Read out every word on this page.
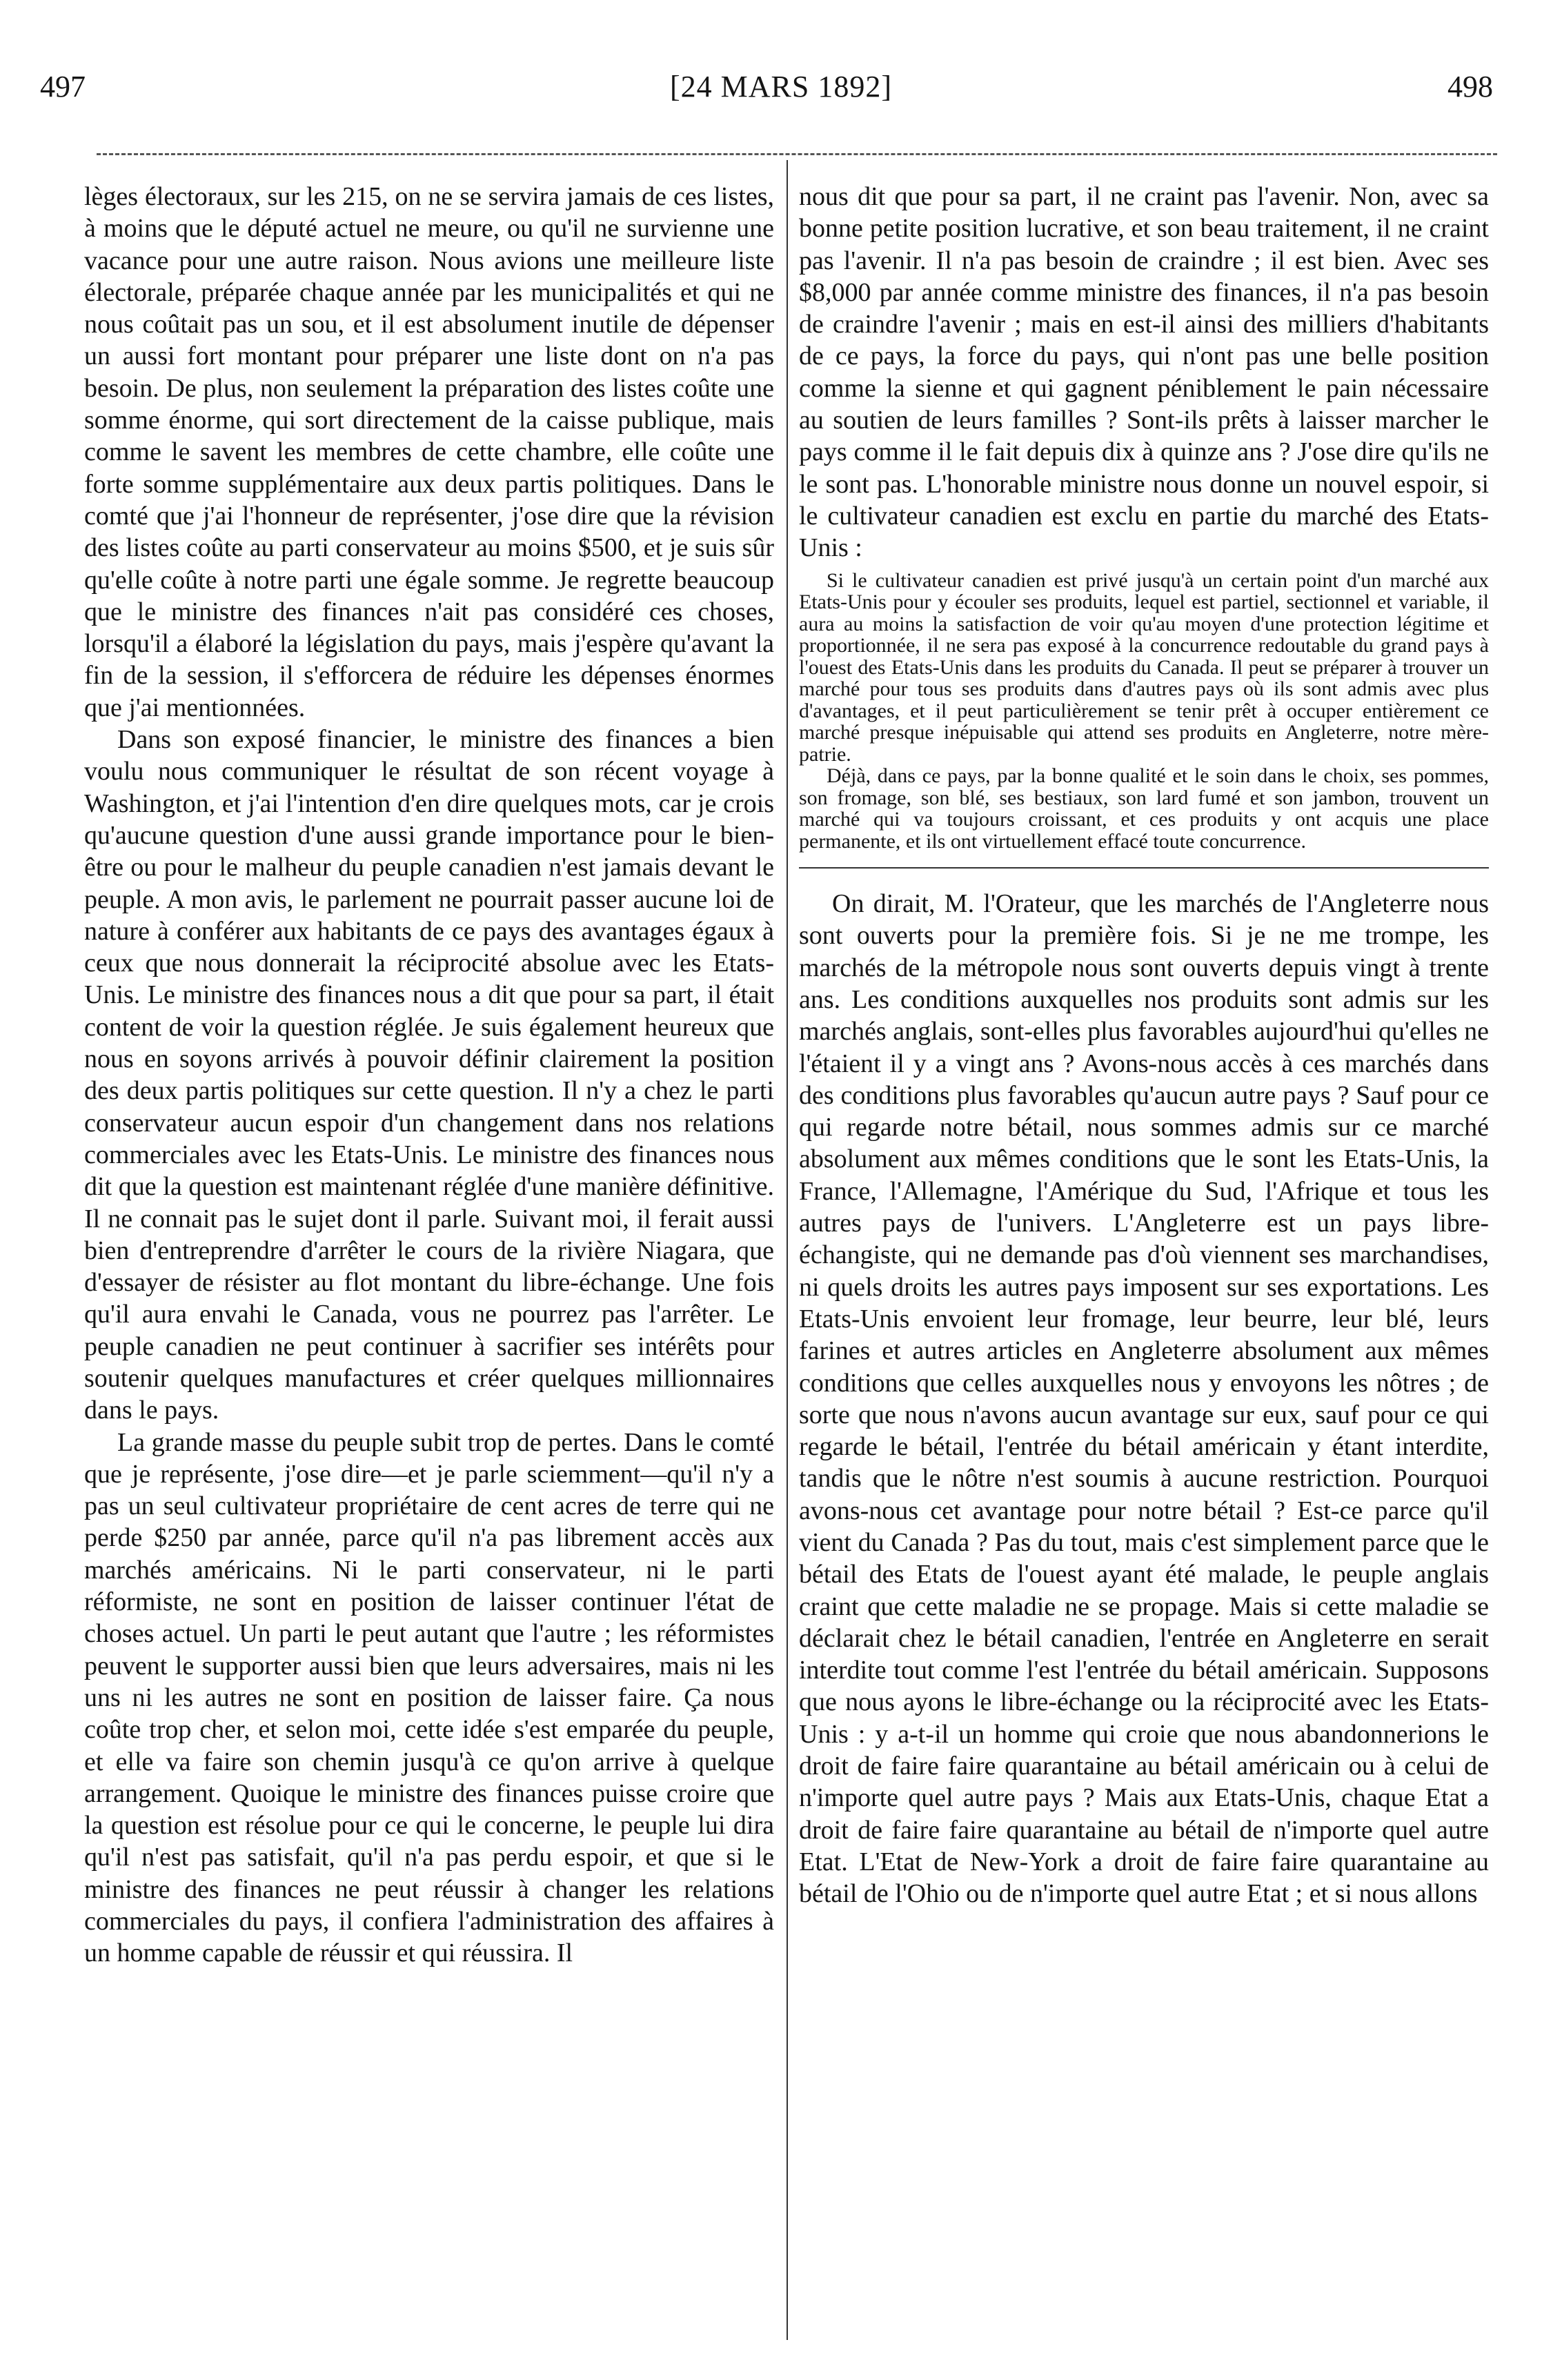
497	[24 MARS 1892]	498

lèges électoraux, sur les 215, on ne se servira jamais de ces listes, à moins que le député actuel ne meure, ou qu'il ne survienne une vacance pour une autre raison. Nous avions une meilleure liste électorale, préparée chaque année par les municipalités et qui ne nous coûtait pas un sou, et il est absolument inutile de dépenser un aussi fort montant pour préparer une liste dont on n'a pas besoin. De plus, non seulement la préparation des listes coûte une somme énorme, qui sort directement de la caisse publique, mais comme le savent les membres de cette chambre, elle coûte une forte somme supplémentaire aux deux partis politiques. Dans le comté que j'ai l'honneur de représenter, j'ose dire que la révision des listes coûte au parti conservateur au moins $500, et je suis sûr qu'elle coûte à notre parti une égale somme. Je regrette beaucoup que le ministre des finances n'ait pas considéré ces choses, lorsqu'il a élaboré la législation du pays, mais j'espère qu'avant la fin de la session, il s'efforcera de réduire les dépenses énormes que j'ai mentionnées.

Dans son exposé financier, le ministre des finances a bien voulu nous communiquer le résultat de son récent voyage à Washington, et j'ai l'intention d'en dire quelques mots, car je crois qu'aucune question d'une aussi grande importance pour le bien-être ou pour le malheur du peuple canadien n'est jamais devant le peuple. A mon avis, le parlement ne pourrait passer aucune loi de nature à conférer aux habitants de ce pays des avantages égaux à ceux que nous donnerait la réciprocité absolue avec les Etats-Unis. Le ministre des finances nous a dit que pour sa part, il était content de voir la question réglée. Je suis également heureux que nous en soyons arrivés à pouvoir définir clairement la position des deux partis politiques sur cette question. Il n'y a chez le parti conservateur aucun espoir d'un changement dans nos relations commerciales avec les Etats-Unis. Le ministre des finances nous dit que la question est maintenant réglée d'une manière définitive. Il ne connait pas le sujet dont il parle. Suivant moi, il ferait aussi bien d'entreprendre d'arrêter le cours de la rivière Niagara, que d'essayer de résister au flot montant du libre-échange. Une fois qu'il aura envahi le Canada, vous ne pourrez pas l'arrêter. Le peuple canadien ne peut continuer à sacrifier ses intérêts pour soutenir quelques manufactures et créer quelques millionnaires dans le pays.

La grande masse du peuple subit trop de pertes. Dans le comté que je représente, j'ose dire—et je parle sciemment—qu'il n'y a pas un seul cultivateur propriétaire de cent acres de terre qui ne perde $250 par année, parce qu'il n'a pas librement accès aux marchés américains. Ni le parti conservateur, ni le parti réformiste, ne sont en position de laisser continuer l'état de choses actuel. Un parti le peut autant que l'autre ; les réformistes peuvent le supporter aussi bien que leurs adversaires, mais ni les uns ni les autres ne sont en position de laisser faire. Ça nous coûte trop cher, et selon moi, cette idée s'est emparée du peuple, et elle va faire son chemin jusqu'à ce qu'on arrive à quelque arrangement. Quoique le ministre des finances puisse croire que la question est résolue pour ce qui le concerne, le peuple lui dira qu'il n'est pas satisfait, qu'il n'a pas perdu espoir, et que si le ministre des finances ne peut réussir à changer les relations commerciales du pays, il confiera l'administration des affaires à un homme capable de réussir et qui réussira. Il

nous dit que pour sa part, il ne craint pas l'avenir. Non, avec sa bonne petite position lucrative, et son beau traitement, il ne craint pas l'avenir. Il n'a pas besoin de craindre ; il est bien. Avec ses $8,000 par année comme ministre des finances, il n'a pas besoin de craindre l'avenir ; mais en est-il ainsi des milliers d'habitants de ce pays, la force du pays, qui n'ont pas une belle position comme la sienne et qui gagnent péniblement le pain nécessaire au soutien de leurs familles ? Sont-ils prêts à laisser marcher le pays comme il le fait depuis dix à quinze ans ? J'ose dire qu'ils ne le sont pas. L'honorable ministre nous donne un nouvel espoir, si le cultivateur canadien est exclu en partie du marché des Etats-Unis :

Si le cultivateur canadien est privé jusqu'à un certain point d'un marché aux Etats-Unis pour y écouler ses produits, lequel est partiel, sectionnel et variable, il aura au moins la satisfaction de voir qu'au moyen d'une protection légitime et proportionnée, il ne sera pas exposé à la concurrence redoutable du grand pays à l'ouest des Etats-Unis dans les produits du Canada. Il peut se préparer à trouver un marché pour tous ses produits dans d'autres pays où ils sont admis avec plus d'avantages, et il peut particulièrement se tenir prêt à occuper entièrement ce marché presque inépuisable qui attend ses produits en Angleterre, notre mère-patrie.

Déjà, dans ce pays, par la bonne qualité et le soin dans le choix, ses pommes, son fromage, son blé, ses bestiaux, son lard fumé et son jambon, trouvent un marché qui va toujours croissant, et ces produits y ont acquis une place permanente, et ils ont virtuellement effacé toute concurrence.

On dirait, M. l'Orateur, que les marchés de l'Angleterre nous sont ouverts pour la première fois. Si je ne me trompe, les marchés de la métropole nous sont ouverts depuis vingt à trente ans. Les conditions auxquelles nos produits sont admis sur les marchés anglais, sont-elles plus favorables aujourd'hui qu'elles ne l'étaient il y a vingt ans ? Avons-nous accès à ces marchés dans des conditions plus favorables qu'aucun autre pays ? Sauf pour ce qui regarde notre bétail, nous sommes admis sur ce marché absolument aux mêmes conditions que le sont les Etats-Unis, la France, l'Allemagne, l'Amérique du Sud, l'Afrique et tous les autres pays de l'univers. L'Angleterre est un pays libre-échangiste, qui ne demande pas d'où viennent ses marchandises, ni quels droits les autres pays imposent sur ses exportations. Les Etats-Unis envoient leur fromage, leur beurre, leur blé, leurs farines et autres articles en Angleterre absolument aux mêmes conditions que celles auxquelles nous y envoyons les nôtres ; de sorte que nous n'avons aucun avantage sur eux, sauf pour ce qui regarde le bétail, l'entrée du bétail américain y étant interdite, tandis que le nôtre n'est soumis à aucune restriction. Pourquoi avons-nous cet avantage pour notre bétail ? Est-ce parce qu'il vient du Canada ? Pas du tout, mais c'est simplement parce que le bétail des Etats de l'ouest ayant été malade, le peuple anglais craint que cette maladie ne se propage. Mais si cette maladie se déclarait chez le bétail canadien, l'entrée en Angleterre en serait interdite tout comme l'est l'entrée du bétail américain. Supposons que nous ayons le libre-échange ou la réciprocité avec les Etats-Unis : y a-t-il un homme qui croie que nous abandonnerions le droit de faire faire quarantaine au bétail américain ou à celui de n'importe quel autre pays ? Mais aux Etats-Unis, chaque Etat a droit de faire faire quarantaine au bétail de n'importe quel autre Etat. L'Etat de New-York a droit de faire faire quarantaine au bétail de l'Ohio ou de n'importe quel autre Etat ; et si nous allons
